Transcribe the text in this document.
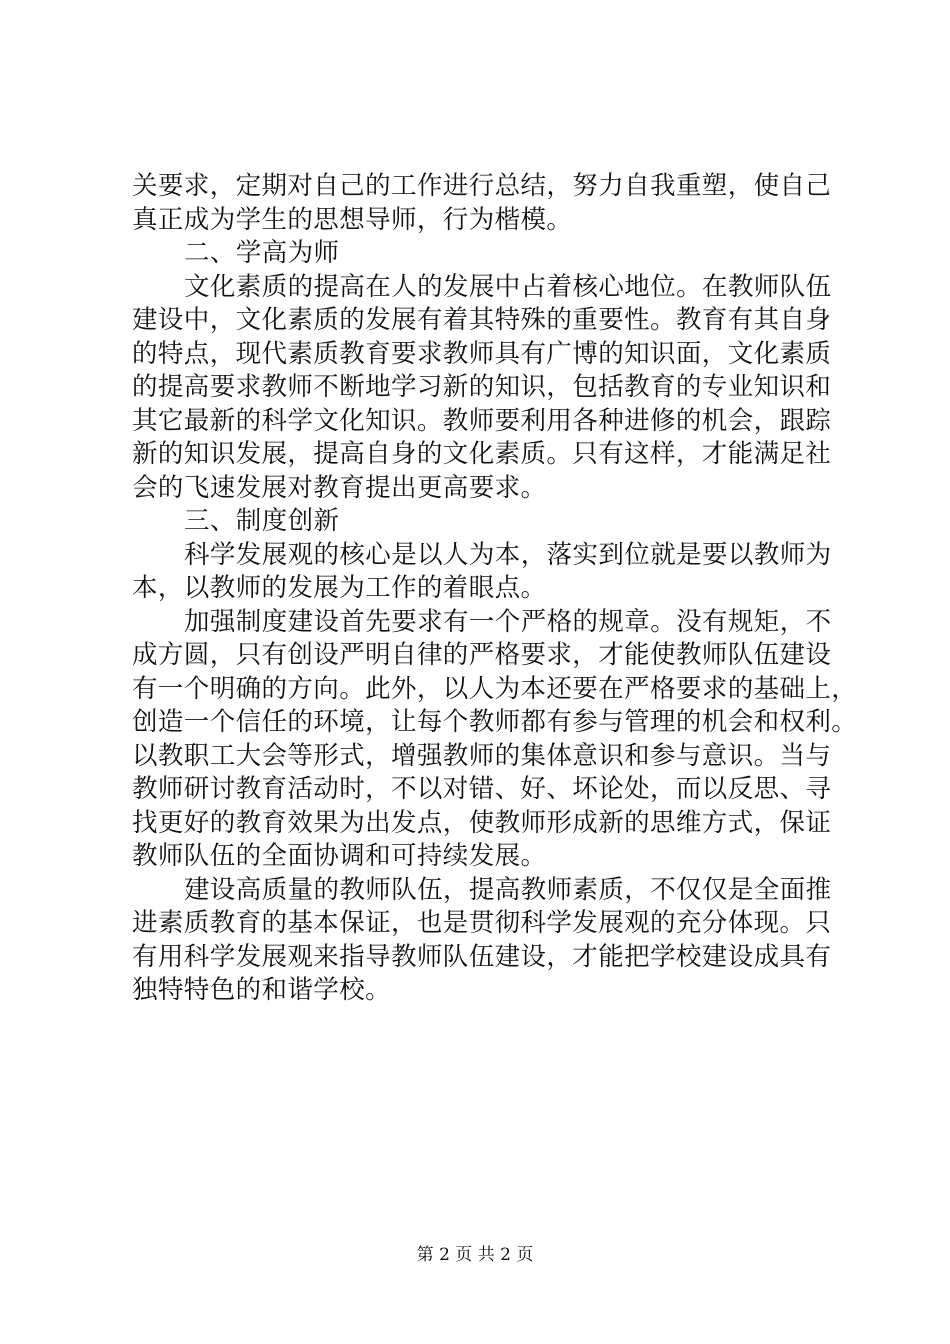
关要求，定期对自己的工作进行总结，努力自我重塑，使自己
真正成为学生的思想导师，行为楷模。
二、学高为师
文化素质的提高在人的发展中占着核心地位。在教师队伍
建设中，文化素质的发展有着其特殊的重要性。教育有其自身
的特点，现代素质教育要求教师具有广博的知识面，文化素质
的提高要求教师不断地学习新的知识，包括教育的专业知识和
其它最新的科学文化知识。教师要利用各种进修的机会，跟踪
新的知识发展，提高自身的文化素质。只有这样，才能满足社
会的飞速发展对教育提出更高要求。
三、制度创新
科学发展观的核心是以人为本，落实到位就是要以教师为
本，以教师的发展为工作的着眼点。
加强制度建设首先要求有一个严格的规章。没有规矩，不
成方圆，只有创设严明自律的严格要求，才能使教师队伍建设
有一个明确的方向。此外，以人为本还要在严格要求的基础上，
创造一个信任的环境，让每个教师都有参与管理的机会和权利。
以教职工大会等形式，增强教师的集体意识和参与意识。当与
教师研讨教育活动时，不以对错、好、坏论处，而以反思、寻
找更好的教育效果为出发点，使教师形成新的思维方式，保证
教师队伍的全面协调和可持续发展。
建设高质量的教师队伍，提高教师素质，不仅仅是全面推
进素质教育的基本保证，也是贯彻科学发展观的充分体现。只
有用科学发展观来指导教师队伍建设，才能把学校建设成具有
独特特色的和谐学校。
第 2 页 共 2 页
